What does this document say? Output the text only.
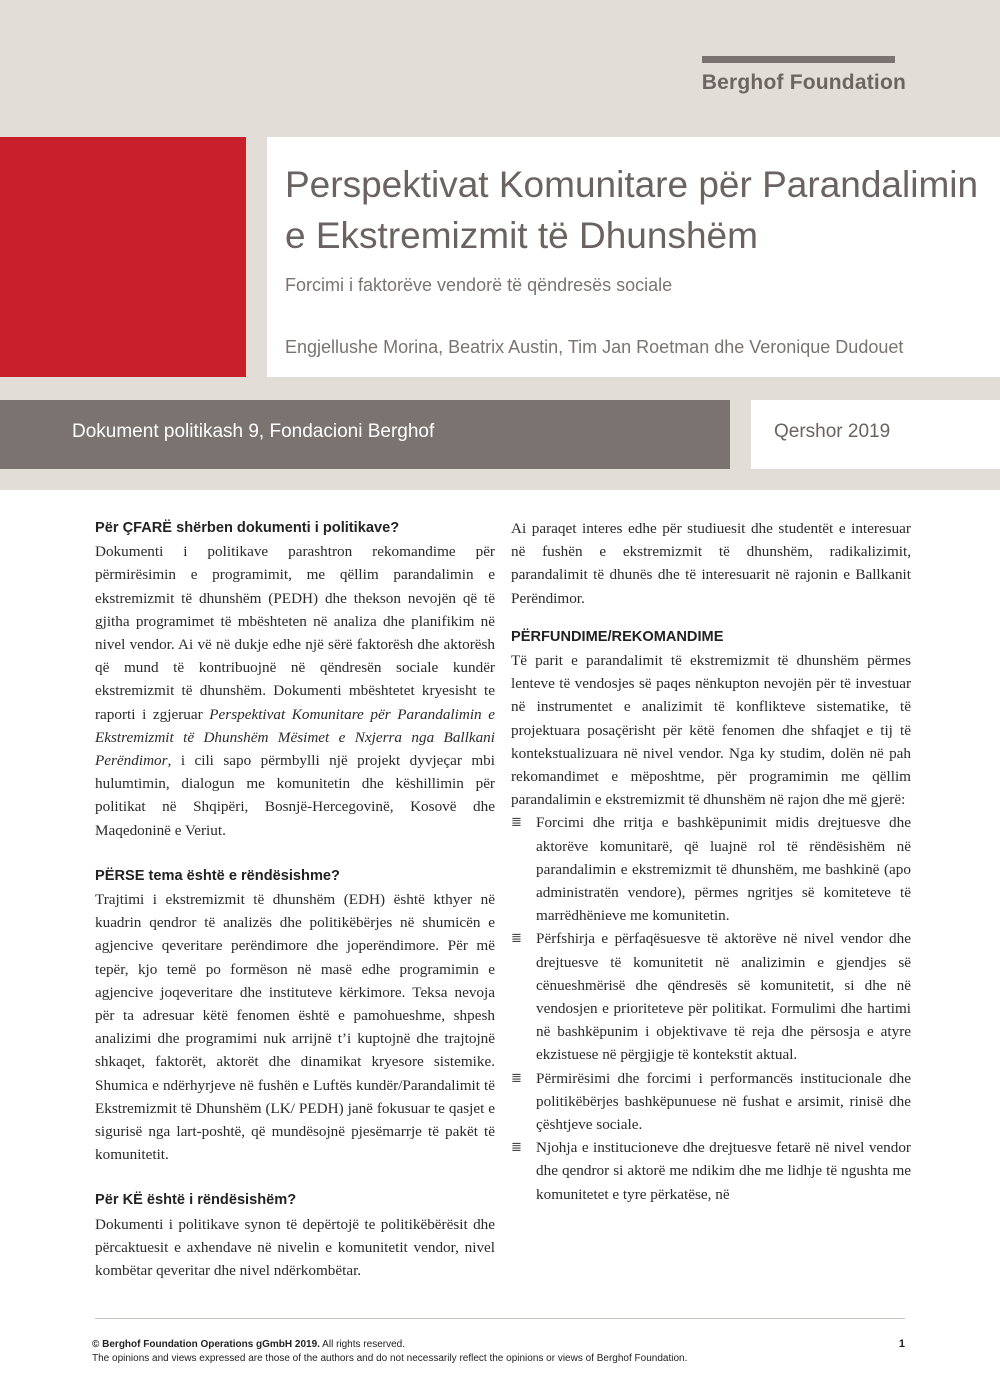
Berghof Foundation
Perspektivat Komunitare për Parandalimin e Ekstremizmit të Dhunshëm
Forcimi i faktorëve vendorë të qëndresës sociale

Engjellushe Morina, Beatrix Austin, Tim Jan Roetman dhe Veronique Dudouet

Dokument politikash 9, Fondacioni Berghof	Qershor 2019
Për ÇFARË shërben dokumenti i politikave?

Dokumenti i politikave parashtron rekomandime për përmirësimin e programimit, me qëllim parandalimin e ekstremizmit të dhunshëm (PEDH) dhe thekson nevojën që të gjitha programimet të mbështeten në analiza dhe planifikim në nivel vendor. Ai vë në dukje edhe një sërë faktorësh dhe aktorësh që mund të kontribuojnë në qëndresën sociale kundër ekstremizmit të dhunshëm. Dokumenti mbështetet kryesisht te raporti i zgjeruar Perspektivat Komunitare për Parandalimin e Ekstremizmit të Dhunshëm Mësimet e Nxjerra nga Ballkani Perëndimor, i cili sapo përmbylli një projekt dyvjeçar mbi hulumtimin, dialogun me komunitetin dhe këshillimin për politikat në Shqipëri, Bosnjë-Hercegovinë, Kosovë dhe Maqedoninë e Veriut.

PËRSE tema është e rëndësishme?

Trajtimi i ekstremizmit të dhunshëm (EDH) është kthyer në kuadrin qendror të analizës dhe politikëbërjes në shumicën e agjencive qeveritare perëndimore dhe joperëndimore. Për më tepër, kjo temë po formëson në masë edhe programimin e agjencive joqeveritare dhe instituteve kërkimore. Teksa nevoja për ta adresuar këtë fenomen është e pamohueshme, shpesh analizimi dhe programimi nuk arrijnë t’i kuptojnë dhe trajtojnë shkaqet, faktorët, aktorët dhe dinamikat kryesore sistemike. Shumica e ndërhyrjeve në fushën e Luftës kundër/Parandalimit të Ekstremizmit të Dhunshëm (LK/ PEDH) janë fokusuar te qasjet e sigurisë nga lart-poshtë, që mundësojnë pjesëmarrje të pakët të komunitetit.

Për KË është i rëndësishëm?

Dokumenti i politikave synon të depërtojë te politikëbërësit dhe përcaktuesit e axhendave në nivelin e komunitetit vendor, nivel kombëtar qeveritar dhe nivel ndërkombëtar.

Ai paraqet interes edhe për studiuesit dhe studentët e interesuar në fushën e ekstremizmit të dhunshëm, radikalizimit, parandalimit të dhunës dhe të interesuarit në rajonin e Ballkanit Perëndimor.

PËRFUNDIME/REKOMANDIME

Të parit e parandalimit të ekstremizmit të dhunshëm përmes lenteve të vendosjes së paqes nënkupton nevojën për të investuar në instrumentet e analizimit të konflikteve sistematike, të projektuara posaçërisht për këtë fenomen dhe shfaqjet e tij të kontekstualizuara në nivel vendor. Nga ky studim, dolën në pah rekomandimet e mëposhtme, për programimin me qëllim parandalimin e ekstremizmit të dhunshëm në rajon dhe më gjerë:

≣ Forcimi dhe rritja e bashkëpunimit midis drejtuesve dhe aktorëve komunitarë, që luajnë rol të rëndësishëm në parandalimin e ekstremizmit të dhunshëm, me bashkinë (apo administratën vendore), përmes ngritjes së komiteteve të marrëdhënieve me komunitetin.
≣ Përfshirja e përfaqësuesve të aktorëve në nivel vendor dhe drejtuesve të komunitetit në analizimin e gjendjes së cënueshmërisë dhe qëndresës së komunitetit, si dhe në vendosjen e prioriteteve për politikat. Formulimi dhe hartimi në bashkëpunim i objektivave të reja dhe përsosja e atyre ekzistuese në përgjigje të kontekstit aktual.
≣ Përmirësimi dhe forcimi i performancës institucionale dhe politikëbërjes bashkëpunuese në fushat e arsimit, rinisë dhe çështjeve sociale.
≣ Njohja e institucioneve dhe drejtuesve fetarë në nivel vendor dhe qendror si aktorë me ndikim dhe me lidhje të ngushta me komunitetet e tyre përkatëse, në
© Berghof Foundation Operations gGmbH 2019. All rights reserved.
The opinions and views expressed are those of the authors and do not necessarily reflect the opinions or views of Berghof Foundation.
1
